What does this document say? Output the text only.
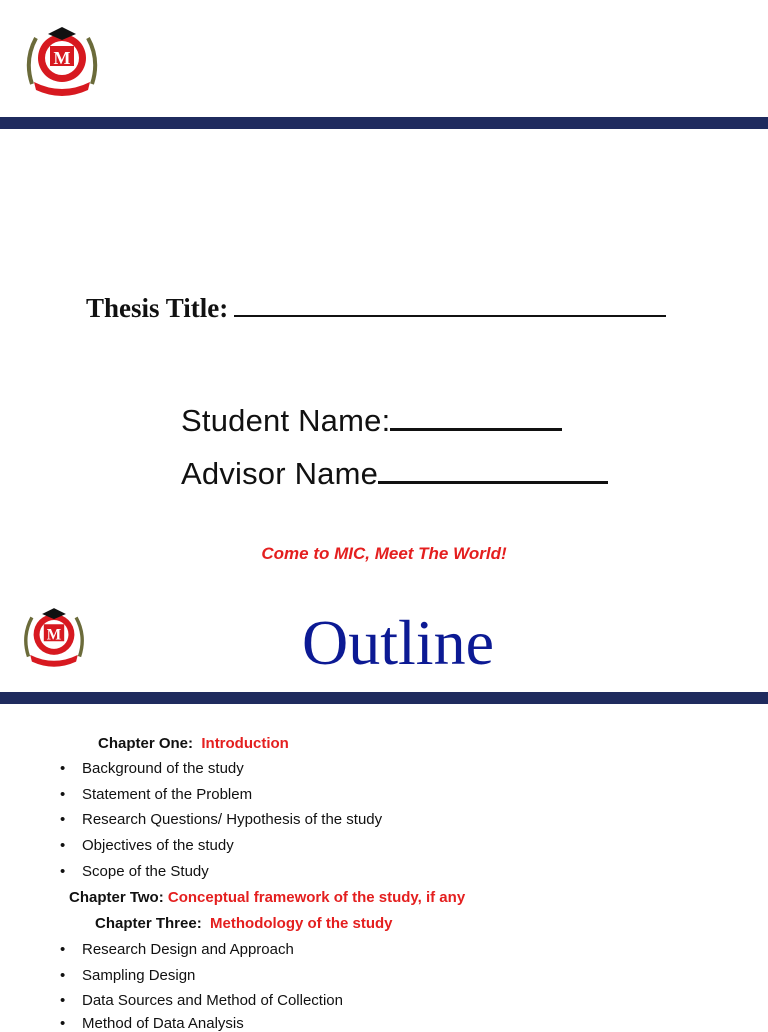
M
Thesis Title:
Student Name:
Advisor Name
Come to MIC, Meet The World!
M	Outline
Chapter One: Introduction
• Background of the study
• Statement of the Problem
• Research Questions/ Hypothesis of the study
• Objectives of the study
• Scope of the Study
Chapter Two: Conceptual framework of the study, if any
Chapter Three: Methodology of the study
• Research Design and Approach
• Sampling Design
• Data Sources and Method of Collection
• Method of Data Analysis
